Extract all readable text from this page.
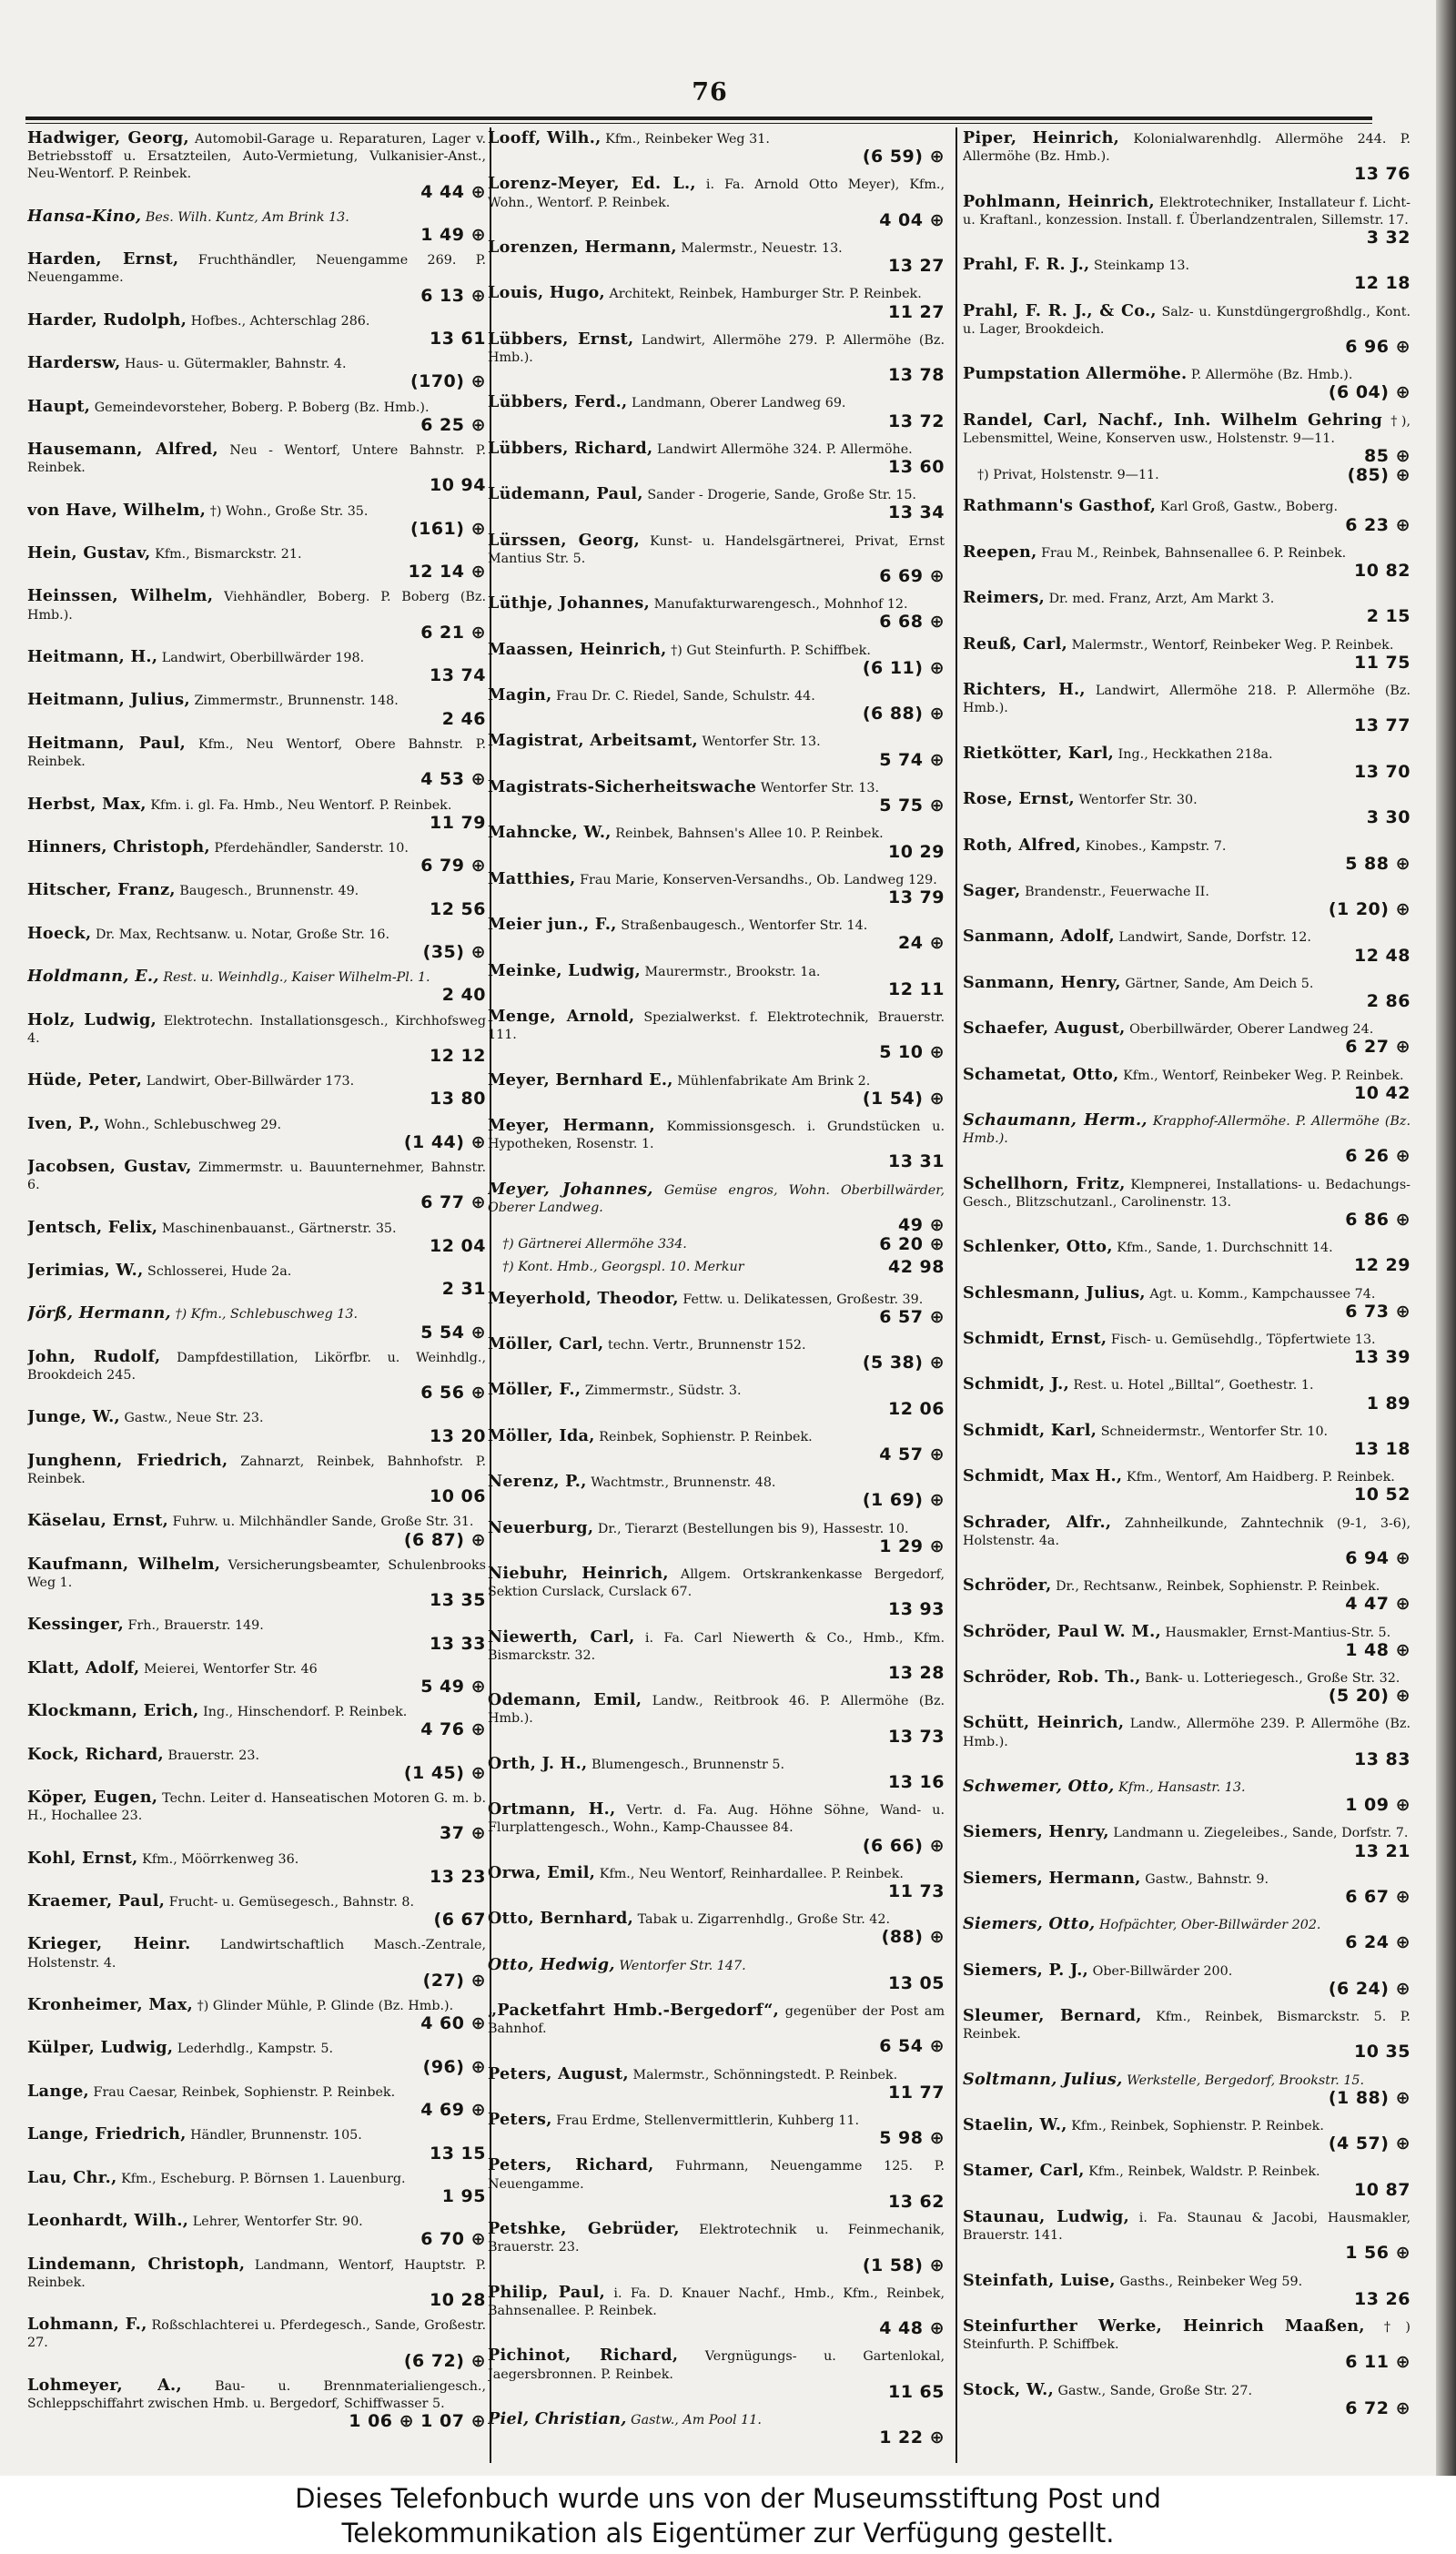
76
Hadwiger, Georg, Automobil-Garage u. Reparaturen, Lager v. Betriebsstoff u. Ersatzteilen, Auto-Vermietung, Vulkanisier-Anst., Neu-Wentorf. P. Reinbek.
4 44 ⊕
Hansa-Kino, Bes. Wilh. Kuntz, Am Brink 13.
1 49 ⊕
Harden, Ernst, Fruchthändler, Neuengamme 269. P. Neuengamme.
6 13 ⊕
Harder, Rudolph, Hofbes., Achterschlag 286.
13 61
Hardersw, Haus- u. Gütermakler, Bahnstr. 4.
(170) ⊕
Haupt, Gemeindevorsteher, Boberg. P. Boberg (Bz. Hmb.).
6 25 ⊕
Hausemann, Alfred, Neu - Wentorf, Untere Bahnstr. P. Reinbek.
10 94
von Have, Wilhelm, †) Wohn., Große Str. 35.
(161) ⊕
Hein, Gustav, Kfm., Bismarckstr. 21.
12 14 ⊕
Heinssen, Wilhelm, Viehhändler, Boberg. P. Boberg (Bz. Hmb.).
6 21 ⊕
Heitmann, H., Landwirt, Oberbillwärder 198.
13 74
Heitmann, Julius, Zimmermstr., Brunnenstr. 148.
2 46
Heitmann, Paul, Kfm., Neu Wentorf, Obere Bahnstr. P. Reinbek.
4 53 ⊕
Herbst, Max, Kfm. i. gl. Fa. Hmb., Neu Wentorf. P. Reinbek.
11 79
Hinners, Christoph, Pferdehändler, Sanderstr. 10.
6 79 ⊕
Hitscher, Franz, Baugesch., Brunnenstr. 49.
12 56
Hoeck, Dr. Max, Rechtsanw. u. Notar, Große Str. 16.
(35) ⊕
Holdmann, E., Rest. u. Weinhdlg., Kaiser Wilhelm-Pl. 1.
2 40
Holz, Ludwig, Elektrotechn. Installationsgesch., Kirchhofsweg 4.
12 12
Hüde, Peter, Landwirt, Ober-Billwärder 173.
13 80
Iven, P., Wohn., Schlebuschweg 29.
(1 44) ⊕
Jacobsen, Gustav, Zimmermstr. u. Bauunternehmer, Bahnstr. 6.
6 77 ⊕
Jentsch, Felix, Maschinenbauanst., Gärtnerstr. 35.
12 04
Jerimias, W., Schlosserei, Hude 2a.
2 31
Jörß, Hermann, †) Kfm., Schlebuschweg 13.
5 54 ⊕
John, Rudolf, Dampfdestillation, Likörfbr. u. Weinhdlg., Brookdeich 245.
6 56 ⊕
Junge, W., Gastw., Neue Str. 23.
13 20
Junghenn, Friedrich, Zahnarzt, Reinbek, Bahnhofstr. P. Reinbek.
10 06
Käselau, Ernst, Fuhrw. u. Milchhändler Sande, Große Str. 31.
(6 87) ⊕
Kaufmann, Wilhelm, Versicherungsbeamter, Schulenbrooks Weg 1.
13 35
Kessinger, Frh., Brauerstr. 149.
13 33
Klatt, Adolf, Meierei, Wentorfer Str. 46
5 49 ⊕
Klockmann, Erich, Ing., Hinschendorf. P. Reinbek.
4 76 ⊕
Kock, Richard, Brauerstr. 23.
(1 45) ⊕
Köper, Eugen, Techn. Leiter d. Hanseatischen Motoren G. m. b. H., Hochallee 23.
37 ⊕
Kohl, Ernst, Kfm., Möörrkenweg 36.
13 23
Kraemer, Paul, Frucht- u. Gemüsegesch., Bahnstr. 8.
(6 67
Krieger, Heinr. Landwirtschaftlich Masch.-Zentrale, Holstenstr. 4.
(27) ⊕
Kronheimer, Max, †) Glinder Mühle, P. Glinde (Bz. Hmb.).
4 60 ⊕
Külper, Ludwig, Lederhdlg., Kampstr. 5.
(96) ⊕
Lange, Frau Caesar, Reinbek, Sophienstr. P. Reinbek.
4 69 ⊕
Lange, Friedrich, Händler, Brunnenstr. 105.
13 15
Lau, Chr., Kfm., Escheburg. P. Börnsen 1. Lauenburg.
1 95
Leonhardt, Wilh., Lehrer, Wentorfer Str. 90.
6 70 ⊕
Lindemann, Christoph, Landmann, Wentorf, Hauptstr. P. Reinbek.
10 28
Lohmann, F., Roßschlachterei u. Pferdegesch., Sande, Großestr. 27.
(6 72) ⊕
Lohmeyer, A.,	Bau- u. Brennmaterialiengesch., Schleppschiffahrt zwischen Hmb. u. Bergedorf, Schiffwasser 5.
1 06 ⊕ 1 07 ⊕
Looff, Wilh., Kfm., Reinbeker Weg 31.
(6 59) ⊕
Lorenz-Meyer, Ed. L., i. Fa. Arnold Otto Meyer), Kfm., Wohn., Wentorf. P. Reinbek.
4 04 ⊕
Lorenzen, Hermann, Malermstr., Neuestr. 13.
13 27
Louis, Hugo, Architekt, Reinbek, Hamburger Str. P. Reinbek.
11 27
Lübbers, Ernst, Landwirt, Allermöhe 279. P. Allermöhe (Bz. Hmb.).
13 78
Lübbers, Ferd., Landmann, Oberer Landweg 69.
13 72
Lübbers, Richard, Landwirt Allermöhe 324. P. Allermöhe.
13 60
Lüdemann, Paul, Sander - Drogerie, Sande, Große Str. 15.
13 34
Lürssen, Georg, Kunst- u. Handelsgärtnerei, Privat, Ernst Mantius Str. 5.
6 69 ⊕
Lüthje, Johannes, Manufakturwarengesch., Mohnhof 12.
6 68 ⊕
Maassen, Heinrich, †) Gut Steinfurth. P. Schiffbek.
(6 11) ⊕
Magin, Frau Dr. C. Riedel, Sande, Schulstr. 44.
(6 88) ⊕
Magistrat, Arbeitsamt, Wentorfer Str. 13.
5 74 ⊕
Magistrats-Sicherheitswache Wentorfer Str. 13.
5 75 ⊕
Mahncke, W., Reinbek, Bahnsen's Allee 10. P. Reinbek.
10 29
Matthies, Frau Marie, Konserven-Versandhs., Ob. Landweg 129.
13 79
Meier jun., F., Straßenbaugesch., Wentorfer Str. 14.
24 ⊕
Meinke, Ludwig, Maurermstr., Brookstr. 1a.
12 11
Menge, Arnold, Spezialwerkst. f. Elektrotechnik, Brauerstr. 111.
5 10 ⊕
Meyer, Bernhard E., Mühlenfabrikate Am Brink 2.
(1 54) ⊕
Meyer, Hermann, Kommissionsgesch. i. Grundstücken u. Hypotheken, Rosenstr. 1.
13 31
Meyer, Johannes, Gemüse engros, Wohn. Oberbillwärder, Oberer Landweg.
49 ⊕
6 20 ⊕
†) Gärtnerei Allermöhe 334.
42 98
†) Kont. Hmb., Georgspl. 10. Merkur
Meyerhold, Theodor, Fettw. u. Delikatessen, Großestr. 39.
6 57 ⊕
Möller, Carl, techn. Vertr., Brunnenstr 152.
(5 38) ⊕
Möller, F., Zimmermstr., Südstr. 3.
12 06
Möller, Ida, Reinbek, Sophienstr. P. Reinbek.
4 57 ⊕
Nerenz, P., Wachtmstr., Brunnenstr. 48.
(1 69) ⊕
Neuerburg, Dr., Tierarzt (Bestellungen bis 9), Hassestr. 10.
1 29 ⊕
Niebuhr, Heinrich, Allgem. Ortskrankenkasse Bergedorf, Sektion Curslack, Curslack 67.
13 93
Niewerth, Carl, i. Fa. Carl Niewerth & Co., Hmb., Kfm. Bismarckstr. 32.
13 28
Odemann, Emil, Landw., Reitbrook 46. P. Allermöhe (Bz. Hmb.).
13 73
Orth, J. H., Blumengesch., Brunnenstr 5.
13 16
Ortmann, H., Vertr. d. Fa. Aug. Höhne Söhne, Wand- u. Flurplattengesch., Wohn., Kamp-Chaussee 84.
(6 66) ⊕
Orwa, Emil, Kfm., Neu Wentorf, Reinhardallee. P. Reinbek.
11 73
Otto, Bernhard, Tabak u. Zigarrenhdlg., Große Str. 42.
(88) ⊕
Otto, Hedwig, Wentorfer Str. 147.
13 05
„Packetfahrt Hmb.-Bergedorf“, gegenüber der Post am Bahnhof.
6 54 ⊕
Peters, August, Malermstr., Schönningstedt. P. Reinbek.
11 77
Peters, Frau Erdme, Stellenvermittlerin, Kuhberg 11.
5 98 ⊕
Peters, Richard, Fuhrmann, Neuengamme 125. P. Neuengamme.
13 62
Petshke, Gebrüder, Elektrotechnik u. Feinmechanik, Brauerstr. 23.
(1 58) ⊕
Philip, Paul, i. Fa. D. Knauer Nachf., Hmb., Kfm., Reinbek, Bahnsenallee. P. Reinbek.
4 48 ⊕
Pichinot, Richard, Vergnügungs- u. Gartenlokal, Jaegersbronnen. P. Reinbek.
11 65
Piel, Christian, Gastw., Am Pool 11.
1 22 ⊕
Piper, Heinrich, Kolonialwarenhdlg. Allermöhe 244. P. Allermöhe (Bz. Hmb.).
13 76
Pohlmann, Heinrich, Elektrotechniker, Installateur f. Licht- u. Kraftanl., konzession. Install. f. Überlandzentralen, Sillemstr. 17.
3 32
Prahl, F. R. J., Steinkamp 13.
12 18
Prahl, F. R. J., & Co., Salz- u. Kunstdüngergroßhdlg., Kont. u. Lager, Brookdeich.
6 96 ⊕
Pumpstation Allermöhe. P. Allermöhe (Bz. Hmb.).
(6 04) ⊕
Randel, Carl, Nachf., Inh. Wilhelm Gehring †), Lebensmittel, Weine, Konserven usw., Holstenstr. 9—11.
85 ⊕
(85) ⊕
†) Privat, Holstenstr. 9—11.
Rathmann's Gasthof, Karl Groß, Gastw., Boberg.
6 23 ⊕
Reepen, Frau M., Reinbek, Bahnsenallee 6. P. Reinbek.
10 82
Reimers, Dr. med. Franz, Arzt, Am Markt 3.
2 15
Reuß, Carl, Malermstr., Wentorf, Reinbeker Weg. P. Reinbek.
11 75
Richters, H., Landwirt, Allermöhe 218. P. Allermöhe (Bz. Hmb.).
13 77
Rietkötter, Karl, Ing., Heckkathen 218a.
13 70
Rose, Ernst, Wentorfer Str. 30.
3 30
Roth, Alfred, Kinobes., Kampstr. 7.
5 88 ⊕
Sager, Brandenstr., Feuerwache II.
(1 20) ⊕
Sanmann, Adolf, Landwirt, Sande, Dorfstr. 12.
12 48
Sanmann, Henry, Gärtner, Sande, Am Deich 5.
2 86
Schaefer, August, Oberbillwärder, Oberer Landweg 24.
6 27 ⊕
Schametat, Otto, Kfm., Wentorf, Reinbeker Weg. P. Reinbek.
10 42
Schaumann, Herm., Krapphof-Allermöhe. P. Allermöhe (Bz. Hmb.).
6 26 ⊕
Schellhorn, Fritz, Klempnerei, Installations- u. Bedachungs-Gesch., Blitzschutzanl., Carolinenstr. 13.
6 86 ⊕
Schlenker, Otto, Kfm., Sande, 1. Durchschnitt 14.
12 29
Schlesmann, Julius, Agt. u. Komm., Kampchaussee 74.
6 73 ⊕
Schmidt, Ernst, Fisch- u. Gemüsehdlg., Töpfertwiete 13.
13 39
Schmidt, J., Rest. u. Hotel „Billtal“, Goethestr. 1.
1 89
Schmidt, Karl, Schneidermstr., Wentorfer Str. 10.
13 18
Schmidt, Max H., Kfm., Wentorf, Am Haidberg. P. Reinbek.
10 52
Schrader, Alfr., Zahnheilkunde, Zahntechnik (9-1, 3-6), Holstenstr. 4a.
6 94 ⊕
Schröder, Dr., Rechtsanw., Reinbek, Sophienstr. P. Reinbek.
4 47 ⊕
Schröder, Paul W. M., Hausmakler, Ernst-Mantius-Str. 5.
1 48 ⊕
Schröder, Rob. Th., Bank- u. Lotteriegesch., Große Str. 32.
(5 20) ⊕
Schütt, Heinrich, Landw., Allermöhe 239. P. Allermöhe (Bz. Hmb.).
13 83
Schwemer, Otto, Kfm., Hansastr. 13.
1 09 ⊕
Siemers, Henry, Landmann u. Ziegeleibes., Sande, Dorfstr. 7.
13 21
Siemers, Hermann, Gastw., Bahnstr. 9.
6 67 ⊕
Siemers, Otto, Hofpächter, Ober-Billwärder 202.
6 24 ⊕
Siemers, P. J., Ober-Billwärder 200.
(6 24) ⊕
Sleumer, Bernard, Kfm., Reinbek, Bismarckstr. 5. P. Reinbek.
10 35
Soltmann, Julius, Werkstelle, Bergedorf, Brookstr. 15.
(1 88) ⊕
Staelin, W., Kfm., Reinbek, Sophienstr. P. Reinbek.
(4 57) ⊕
Stamer, Carl, Kfm., Reinbek, Waldstr. P. Reinbek.
10 87
Staunau, Ludwig, i. Fa. Staunau & Jacobi, Hausmakler, Brauerstr. 141.
1 56 ⊕
Steinfath, Luise, Gasths., Reinbeker Weg 59.
13 26
Steinfurther Werke, Heinrich Maaßen, †) Steinfurth. P. Schiffbek.
6 11 ⊕
Stock, W., Gastw., Sande, Große Str. 27.
6 72 ⊕
Dieses Telefonbuch wurde uns von der Museumsstiftung Post und
Telekommunikation als Eigentümer zur Verfügung gestellt.
